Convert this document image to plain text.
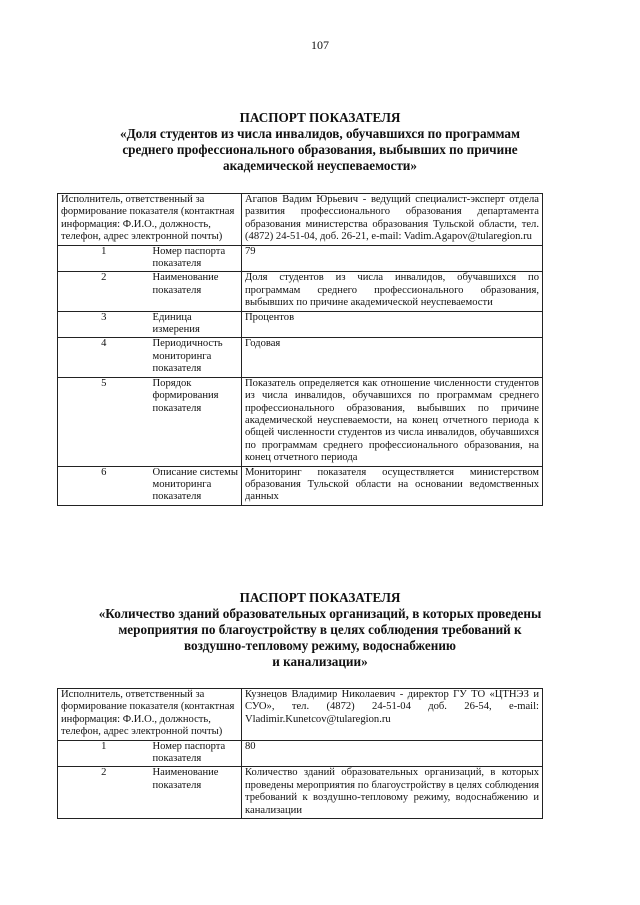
107
ПАСПОРТ ПОКАЗАТЕЛЯ
«Доля студентов из числа инвалидов, обучавшихся по программам
среднего профессионального образования, выбывших по причине
академической неуспеваемости»
Исполнитель, ответственный за формирование показателя (контактная информация: Ф.И.О., должность, телефон, адрес электронной почты)		Агапов Вадим Юрьевич - ведущий специалист-эксперт отдела развития профессионального образования департамента образования министерства образования Тульской области, тел. (4872) 24-51-04, доб. 26-21, e-mail: Vadim.Agapov@tularegion.ru
1	Номер паспорта показателя	79
2	Наименование показателя	Доля студентов из числа инвалидов, обучавшихся по программам среднего профессионального образования, выбывших по причине академической неуспеваемости
3	Единица измерения	Процентов
4	Периодичность мониторинга показателя	Годовая
5	Порядок формирования показателя	Показатель определяется как отношение численности студентов из числа инвалидов, обучавшихся по программам среднего профессионального образования, выбывших по причине академической неуспеваемости, на конец отчетного периода к общей численности студентов из числа инвалидов, обучавшихся по программам среднего профессионального образования, на конец отчетного периода
6	Описание системы мониторинга показателя	Мониторинг показателя осуществляется министерством образования Тульской области на основании ведомственных данных
ПАСПОРТ ПОКАЗАТЕЛЯ
«Количество зданий образовательных организаций, в которых проведены
мероприятия по благоустройству в целях соблюдения требований к
воздушно-тепловому режиму, водоснабжению
и канализации»
Исполнитель, ответственный за формирование показателя (контактная информация: Ф.И.О., должность, телефон, адрес электронной почты)		Кузнецов Владимир Николаевич - директор ГУ ТО «ЦТНЭЗ и СУО», тел. (4872) 24-51-04 доб. 26-54, e-mail: Vladimir.Kunetcov@tularegion.ru
1	Номер паспорта показателя	80
2	Наименование показателя	Количество зданий образовательных организаций, в которых проведены мероприятия по благоустройству в целях соблюдения требований к воздушно-тепловому режиму, водоснабжению и канализации
